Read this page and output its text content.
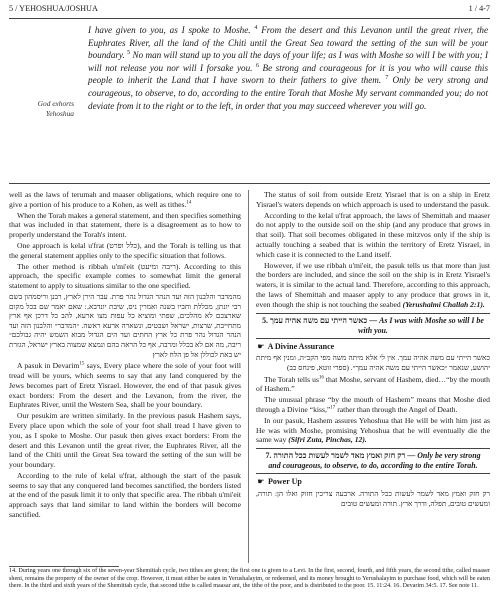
5 / YEHOSHUA/JOSHUA	1 / 4-7
God exhorts Yehoshua
I have given to you, as I spoke to Moshe. $^4$ From the desert and this Levanon until the great river, the Euphrates River, all the land of the Chiti until the Great Sea toward the setting of the sun will be your boundary. $^5$ No man will stand up to you all the days of your life; as I was with Moshe so will I be with you; I will not release you nor will I forsake you. $^6$ Be strong and courageous for it is you who will cause this people to inherit the Land that I have sworn to their fathers to give them. $^7$ Only be very strong and courageous, to observe, to do, according to the entire Torah that Moshe My servant commanded you; do not deviate from it to the right or to the left, in order that you may succeed wherever you will go.

well as the laws of terumah and maaser obligations, which require one to give a portion of his produce to a Kohen, as well as tithes.$^{14}$

When the Torah makes a general statement, and then specifies something that was included in that statement, there is a disagreement as to how to properly understand the Torah's intent.

One approach is kelal u'frat (כלל ופרט), and the Torah is telling us that the general statement applies only to the specific situation that follows.

The other method is ribbah u'mi'eit (ריבה ומיעט). According to this approach, the specific example comes to somewhat limit the general statement to apply to situations similar to the one specified.

מהמדבר והלבנון הזה ועד הנהר הגדול נהר פרת. עבר הירן לארץ, רבנן וריסמהון בשם רבי יונתן, מכללת וחביו בשנה ואמרין ניס, שיבת יונדבא, ׃ שאם יאמר שם בכל מקום שארצכם לא מהלכים, שפתי ומוציא כל עפות מצו ארעא, להב כל דרכן אף ארץ מתחייבת, שרצות, ישראל ושבטים, ונשארה ארעא ראשה. ״המדבר״ והלבנון הזה ועד הנהר הגדול נהר פרת כל ארץ החתים ועד הים הגדול מבוא השמש יהיה גבולכם״ ריבה, מה אם לא בכלל ומרבה, אף כל הראה בהם ונמצא שמצוה בארץ ישראל, הגזרת יש באת לכוללן אל פן הלח לארץ

A pasuk in Devarim$^{15}$ says, Every place where the sole of your foot will tread will be yours, which seems to say that any land conquered by the Jews becomes part of Eretz Yisrael. However, the end of that pasuk gives exact borders: From the desert and the Levanon, from the river, the Euphrates River, until the Western Sea, shall be your boundary.

Our pesukim are written similarly. In the previous pasuk Hashem says, Every place upon which the sole of your foot shall tread I have given to you, as I spoke to Moshe. Our pasuk then gives exact borders: From the desert and this Levanon until the great river, the Euphrates River, all the land of the Chiti until the Great Sea toward the setting of the sun will be your boundary.

According to the rule of kelal u'frat, although the start of the pasuk seems to say that any conquered land becomes sanctified, the borders listed at the end of the pasuk limit it to only that specific area. The ribbah u'mi'eit approach says that land similar to land within the borders will become sanctified.

The status of soil from outside Eretz Yisrael that is on a ship in Eretz Yisrael's waters depends on which approach is used to understand the pasuk.

According to the kelal u'frat approach, the laws of Shemittah and maaser do not apply to the outside soil on the ship (and any produce that grows in that soil). That soil becomes obligated in these mitzvos only if the ship is actually touching a seabed that is within the territory of Eretz Yisrael, in which case it is connected to the Land itself.

However, if we use ribbah u'mi'eit, the pasuk tells us that more than just the borders are included, and since the soil on the ship is in Eretz Yisrael's waters, it is similar to the actual land. Therefore, according to this approach, the laws of Shemittah and maaser apply to any produce that grows in it, even though the ship is not touching the seabed (Yerushalmi Challah 2:1).

5. כאשר הייתי עם משה אהיה עמך — As I was with Moshe so will I be with you.
☛ A Divine Assurance

כאשר הייתי עם משה אהיה עמך. אין לי אלא מיתה משה מפי הקב״ה, ומנין אף מיתת יהושע, שנאמר ״כאשר הייתי עם משה אהיה עמך״. (ספרי זוטא, פינחס כב)

The Torah tells us$^{16}$ that Moshe, servant of Hashem, died…“by the mouth of Hashem.”

The unusual phrase “by the mouth of Hashem” means that Moshe died through a Divine “kiss,”$^{17}$ rather than through the Angel of Death.

In our pasuk, Hashem assures Yehoshua that He will be with him just as He was with Moshe, promising Yehoshua that he will eventually die the same way (Sifri Zuta, Pinchas, 12).

7. רק חזק ואמץ מאד לשמר לעשות ככל התורה — Only be very strong and courageous, to observe, to do, according to the entire Torah.
☛ Power Up

רק חזק ואמץ מאד לשמר לעשות ככל התורה. ארבעה צריכין חזוק ואלו הן: תורה, ומעשים טובים, תפלה, ודרך ארץ. תורה ומעשים טובים

14. During years one through six of the seven-year Shemittah cycle, two tithes are given; the first one is given to a Levi. In the first, second, fourth, and fifth years, the second tithe, called maaser sheni, remains the property of the owner of the crop. However, it must either be eaten in Yerushalayim, or redeemed, and its money brought to Yerushalayim to purchase food, which will be eaten there. In the third and sixth years of the Shemittah cycle, that second tithe is called maasar ani, the tithe of the poor, and is distributed to the poor. 15. 11:24. 16. Devarim 34:5. 17. See note 11.
